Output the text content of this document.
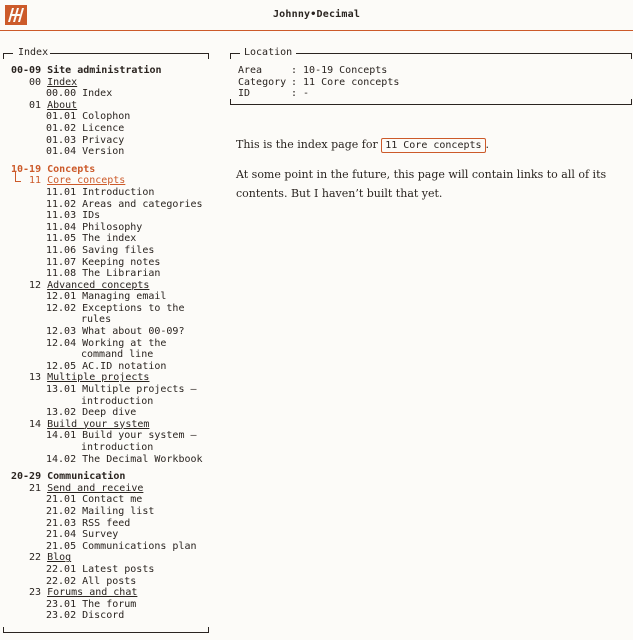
Johnny•Decimal
Index
00-09 Site administration
00 Index
00.00 Index
01 About
01.01 Colophon
01.02 Licence
01.03 Privacy
01.04 Version
10-19 Concepts
11 Core concepts
11.01 Introduction
11.02 Areas and categories
11.03 IDs
11.04 Philosophy
11.05 The index
11.06 Saving files
11.07 Keeping notes
11.08 The Librarian
12 Advanced concepts
12.01 Managing email
12.02 Exceptions to the
rules
12.03 What about 00-09?
12.04 Working at the
command line
12.05 AC.ID notation
13 Multiple projects
13.01 Multiple projects –
introduction
13.02 Deep dive
14 Build your system
14.01 Build your system –
introduction
14.02 The Decimal Workbook
20-29 Communication
21 Send and receive
21.01 Contact me
21.02 Mailing list
21.03 RSS feed
21.04 Survey
21.05 Communications plan
22 Blog
22.01 Latest posts
22.02 All posts
23 Forums and chat
23.01 The forum
23.02 Discord
Location
Area	: 10-19 Concepts
Category : 11 Core concepts
ID	: -

This is the index page for 11 Core concepts .

At some point in the future, this page will contain links to all of its contents. But I haven’t built that yet.
